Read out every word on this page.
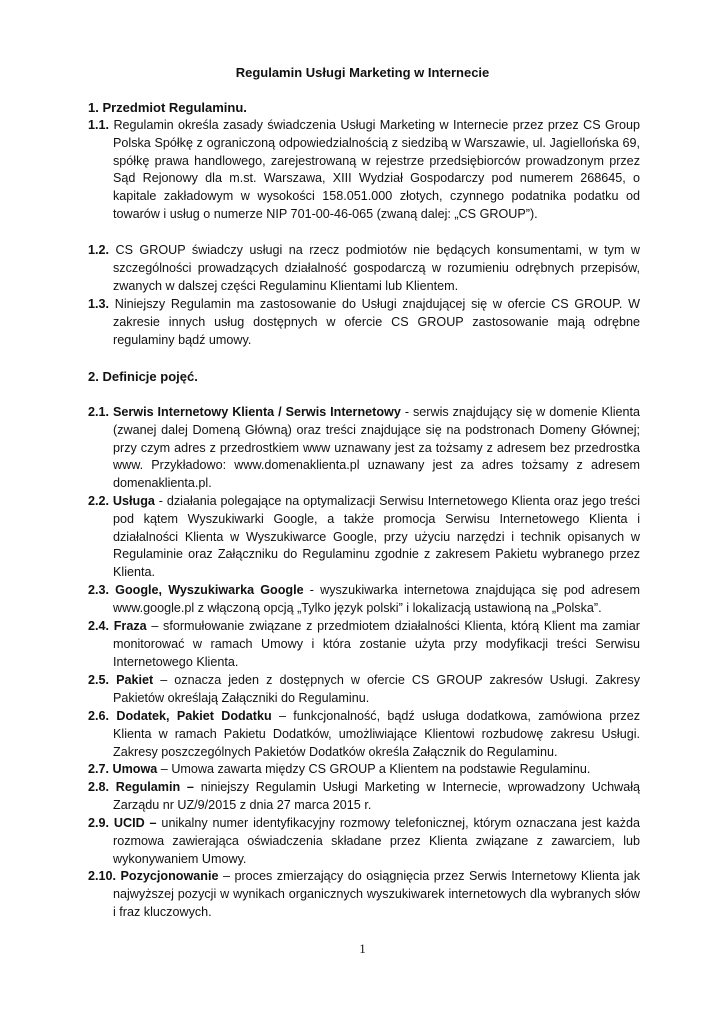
Regulamin Usługi Marketing w Internecie
1. Przedmiot Regulaminu.
1.1. Regulamin określa zasady świadczenia Usługi Marketing w Internecie przez przez CS Group Polska Spółkę z ograniczoną odpowiedzialnością z siedzibą w Warszawie, ul. Jagiellońska 69, spółkę prawa handlowego, zarejestrowaną w rejestrze przedsiębiorców prowadzonym przez Sąd Rejonowy dla m.st. Warszawa, XIII Wydział Gospodarczy pod numerem 268645, o kapitale zakładowym w wysokości 158.051.000 złotych, czynnego podatnika podatku od towarów i usług o numerze NIP 701-00-46-065 (zwaną dalej: „CS GROUP”).
1.2. CS GROUP świadczy usługi na rzecz podmiotów nie będących konsumentami, w tym w szczególności prowadzących działalność gospodarczą w rozumieniu odrębnych przepisów, zwanych w dalszej części Regulaminu Klientami lub Klientem.
1.3. Niniejszy Regulamin ma zastosowanie do Usługi znajdującej się w ofercie CS GROUP. W zakresie innych usług dostępnych w ofercie CS GROUP zastosowanie mają odrębne regulaminy bądź umowy.
2. Definicje pojęć.
2.1. Serwis Internetowy Klienta / Serwis Internetowy - serwis znajdujący się w domenie Klienta (zwanej dalej Domeną Główną) oraz treści znajdujące się na podstronach Domeny Głównej; przy czym adres z przedrostkiem www uznawany jest za tożsamy z adresem bez przedrostka www. Przykładowo: www.domenaklienta.pl uznawany jest za adres tożsamy z adresem domenaklienta.pl.
2.2. Usługa - działania polegające na optymalizacji Serwisu Internetowego Klienta oraz jego treści pod kątem Wyszukiwarki Google, a także promocja Serwisu Internetowego Klienta i działalności Klienta w Wyszukiwarce Google, przy użyciu narzędzi i technik opisanych w Regulaminie oraz Załączniku do Regulaminu zgodnie z zakresem Pakietu wybranego przez Klienta.
2.3. Google, Wyszukiwarka Google - wyszukiwarka internetowa znajdująca się pod adresem www.google.pl z włączoną opcją „Tylko język polski” i lokalizacją ustawioną na „Polska”.
2.4. Fraza – sformułowanie związane z przedmiotem działalności Klienta, którą Klient ma zamiar monitorować w ramach Umowy i która zostanie użyta przy modyfikacji treści Serwisu Internetowego Klienta.
2.5. Pakiet – oznacza jeden z dostępnych w ofercie CS GROUP zakresów Usługi. Zakresy Pakietów określają Załączniki do Regulaminu.
2.6. Dodatek, Pakiet Dodatku – funkcjonalność, bądź usługa dodatkowa, zamówiona przez Klienta w ramach Pakietu Dodatków, umożliwiające Klientowi rozbudowę zakresu Usługi. Zakresy poszczególnych Pakietów Dodatków określa Załącznik do Regulaminu.
2.7. Umowa – Umowa zawarta między CS GROUP a Klientem na podstawie Regulaminu.
2.8. Regulamin – niniejszy Regulamin Usługi Marketing w Internecie, wprowadzony Uchwałą Zarządu nr UZ/9/2015 z dnia 27 marca 2015 r.
2.9. UCID – unikalny numer identyfikacyjny rozmowy telefonicznej, którym oznaczana jest każda rozmowa zawierająca oświadczenia składane przez Klienta związane z zawarciem, lub wykonywaniem Umowy.
2.10. Pozycjonowanie – proces zmierzający do osiągnięcia przez Serwis Internetowy Klienta jak najwyższej pozycji w wynikach organicznych wyszukiwarek internetowych dla wybranych słów i fraz kluczowych.
1
